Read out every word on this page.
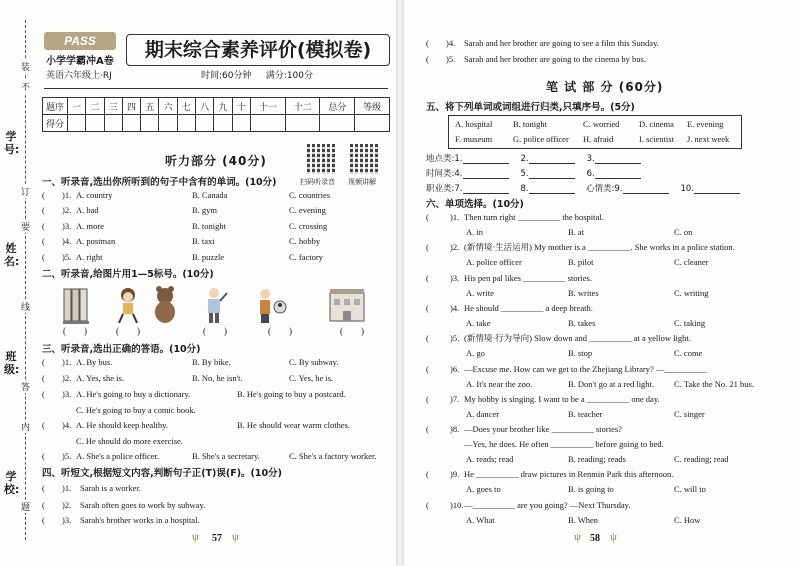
学号:
姓名:
班级:
学校:
装
订
线
内
不
要
答
题
PASS
小学学霸冲A卷
英语六年级上·RJ
期末综合素养评价(模拟卷)
时间:60分钟 满分:100分
题序	一	二	三	四	五	六	七	八	九	十	十一	十二	总分	等级
得分														
听力部分 (40分)
扫码听录音 视频讲解
一、听录音,选出你所听到的句子中含有的单词。(10分)
( )1. A. country	B. Canada	C. countries
( )2. A. bad	B. gym	C. evening
( )3. A. more	B. tonight	C. crossing
( )4. A. postman	B. taxi	C. hobby
( )5. A. right	B. puzzle	C. factory
二、听录音,给图片用1—5标号。(10分)
(        )	(        )	(        )	(        )	(        )
三、听录音,选出正确的答语。(10分)
( )1. A. By bus.	B. By bike.	C. By subway.
( )2. A. Yes, she is.	B. No, he isn't.	C. Yes, he is.
( )3. A. He's going to buy a dictionary.	B. He's going to buy a postcard.
C. He's going to buy a comic book.
( )4. A. He should keep healthy.	B. He should wear warm clothes.
C. He should do more exercise.
( )5. A. She's a police officer.	B. She's a secretary.	C. She's a factory worker.
四、听短文,根据短文内容,判断句子正(T)误(F)。(10分)
( )1. Sarah is a worker.
( )2. Sarah often goes to work by subway.
( )3. Sarah's brother works in a hospital.
( )4. Sarah and her brother are going to see a film this Sunday.
( )5. Sarah and her brother are going to the cinema by bus.
笔 试 部 分 (60分)
五、将下列单词或词组进行归类,只填序号。(5分)
A. hospital B. tonight	C. worried D. cinema E. evening
F. museum G. police officer H. afraid	I. scientist J. next week
地点类:1.	2.	3.
时间类:4.	5.	6.
职业类:7.	8.	心情类:9.	10.
六、单项选择。(10分)
( )1. Then turn right __________ the hospital.
A. in	B. at	C. on
( )2. (新情境·生活运用) My mother is a __________. She works in a police station.
A. police officer	B. pilot	C. cleaner
( )3. His pen pal likes __________ stories.
A. write	B. writes	C. writing
( )4. He should __________ a deep breath.
A. take	B. takes	C. taking
( )5. (新情境·行为导向) Slow down and __________ at a yellow light.
A. go	B. stop	C. come
( )6. —Excuse me. How can we get to the Zhejiang Library? —__________
A. It's near the zoo.	B. Don't go at a red light. C. Take the No. 21 bus.
( )7. My hobby is singing. I want to be a __________ one day.
A. dancer	B. teacher	C. singer
( )8. —Does your brother like __________ stories?
—Yes, he does. He often __________ before going to bed.
A. reads; read	B. reading; reads	C. reading; read
( )9. He __________ draw pictures in Renmin Park this afternoon.
A. goes to	B. is going to	C. will to
( )10. —__________ are you going? —Next Thursday.
A. What	B. When	C. How
ψ 57 ψ	ψ 58 ψ
